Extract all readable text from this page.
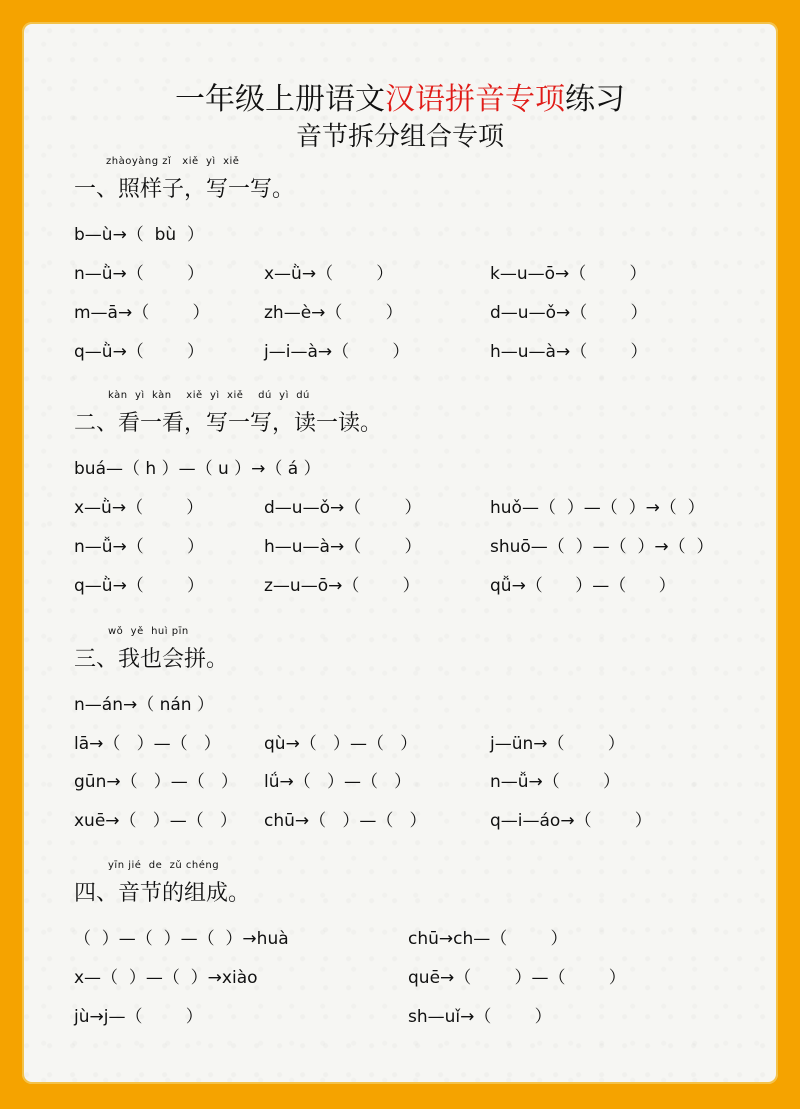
一年级上册语文汉语拼音专项练习
音节拆分组合专项
zhàoyàng zǐ   xiě  yì  xiě
一、照样子，写一写。
b—ù→（  bù  ）
n—ǜ→（        ）	x—ǜ→（        ）	k—u—ō→（        ）
m—ā→（        ）	zh—è→（        ）	d—u—ǒ→（        ）
q—ǜ→（        ）	j—i—à→（        ）	h—u—à→（        ）
kàn  yì  kàn    xiě  yì  xiě    dú  yì  dú
二、看一看，写一写，读一读。
buá—（ h ）—（ u ）→（ á ）
x—ǜ→（        ）	d—u—ǒ→（        ）	huǒ—（  ）—（  ）→（  ）
n—ǚ→（        ）	h—u—à→（        ）	shuō—（  ）—（  ）→（  ）
q—ǜ→（        ）	z—u—ō→（        ）	qǚ→（      ）—（      ）
wǒ  yě  huì pīn
三、我也会拼。
n—án→（ nán ）
lā→（   ）—（   ）	qù→（   ）—（   ）	j—ün→（        ）
gūn→（   ）—（   ） lǘ→（   ）—（   ）	n—ǚ→（        ）
xuē→（   ）—（   ） chū→（   ）—（   ）	q—i—áo→（        ）
yīn jié  de  zǔ chéng
四、音节的组成。
（  ）—（  ）—（  ）→huà	chū→ch—（        ）
x—（  ）—（  ）→xiào	quē→（        ）—（        ）
jù→j—（        ）	sh—uǐ→（        ）
